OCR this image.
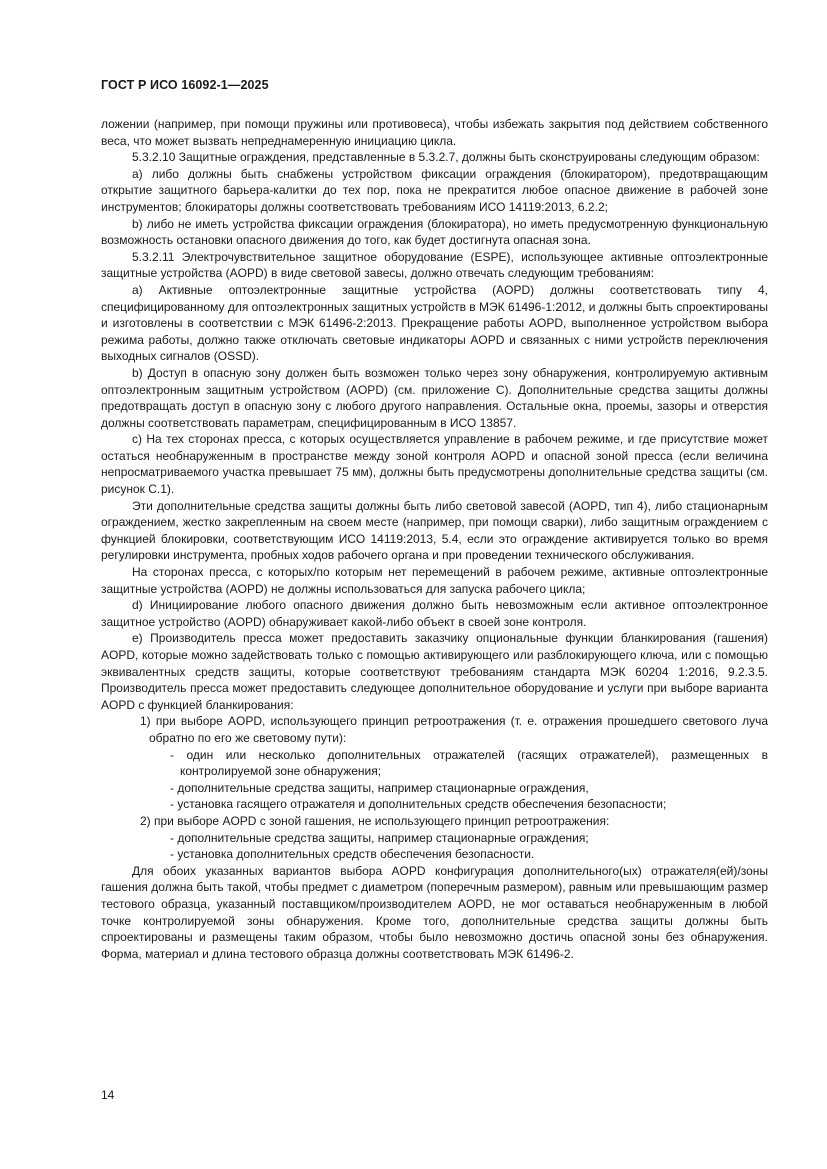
ГОСТ Р ИСО 16092-1—2025

ложении (например, при помощи пружины или противовеса), чтобы избежать закрытия под действием собственного веса, что может вызвать непреднамеренную инициацию цикла.

5.3.2.10 Защитные ограждения, представленные в 5.3.2.7, должны быть сконструированы следующим образом:

а) либо должны быть снабжены устройством фиксации ограждения (блокиратором), предотвращающим открытие защитного барьера-калитки до тех пор, пока не прекратится любое опасное движение в рабочей зоне инструментов; блокираторы должны соответствовать требованиям ИСО 14119:2013, 6.2.2;

b) либо не иметь устройства фиксации ограждения (блокиратора), но иметь предусмотренную функциональную возможность остановки опасного движения до того, как будет достигнута опасная зона.

5.3.2.11 Электрочувствительное защитное оборудование (ESPE), использующее активные оптоэлектронные защитные устройства (AOPD) в виде световой завесы, должно отвечать следующим требованиям:

a) Активные оптоэлектронные защитные устройства (AOPD) должны соответствовать типу 4, специфицированному для оптоэлектронных защитных устройств в МЭК 61496-1:2012, и должны быть спроектированы и изготовлены в соответствии с МЭК 61496-2:2013. Прекращение работы AOPD, выполненное устройством выбора режима работы, должно также отключать световые индикаторы AOPD и связанных с ними устройств переключения выходных сигналов (OSSD).

b) Доступ в опасную зону должен быть возможен только через зону обнаружения, контролируемую активным оптоэлектронным защитным устройством (AOPD) (см. приложение С). Дополнительные средства защиты должны предотвращать доступ в опасную зону с любого другого направления. Остальные окна, проемы, зазоры и отверстия должны соответствовать параметрам, специфицированным в ИСО 13857.

c) На тех сторонах пресса, с которых осуществляется управление в рабочем режиме, и где присутствие может остаться необнаруженным в пространстве между зоной контроля AOPD и опасной зоной пресса (если величина непросматриваемого участка превышает 75 мм), должны быть предусмотрены дополнительные средства защиты (см. рисунок С.1).

Эти дополнительные средства защиты должны быть либо световой завесой (AOPD, тип 4), либо стационарным ограждением, жестко закрепленным на своем месте (например, при помощи сварки), либо защитным ограждением с функцией блокировки, соответствующим ИСО 14119:2013, 5.4, если это ограждение активируется только во время регулировки инструмента, пробных ходов рабочего органа и при проведении технического обслуживания.

На сторонах пресса, с которых/по которым нет перемещений в рабочем режиме, активные оптоэлектронные защитные устройства (AOPD) не должны использоваться для запуска рабочего цикла;

d) Инициирование любого опасного движения должно быть невозможным если активное оптоэлектронное защитное устройство (AOPD) обнаруживает какой-либо объект в своей зоне контроля.

e) Производитель пресса может предоставить заказчику опциональные функции бланкирования (гашения) AOPD, которые можно задействовать только с помощью активирующего или разблокирующего ключа, или с помощью эквивалентных средств защиты, которые соответствуют требованиям стандарта МЭК 60204 1:2016, 9.2.3.5. Производитель пресса может предоставить следующее дополнительное оборудование и услуги при выборе варианта AOPD с функцией бланкирования:

1) при выборе AOPD, использующего принцип ретроотражения (т. е. отражения прошедшего светового луча обратно по его же световому пути):

- один или несколько дополнительных отражателей (гасящих отражателей), размещенных в контролируемой зоне обнаружения;

- дополнительные средства защиты, например стационарные ограждения,

- установка гасящего отражателя и дополнительных средств обеспечения безопасности;

2) при выборе AOPD с зоной гашения, не использующего принцип ретроотражения:

- дополнительные средства защиты, например стационарные ограждения;

- установка дополнительных средств обеспечения безопасности.

Для обоих указанных вариантов выбора AOPD конфигурация дополнительного(ых) отражателя(ей)/зоны гашения должна быть такой, чтобы предмет с диаметром (поперечным размером), равным или превышающим размер тестового образца, указанный поставщиком/производителем AOPD, не мог оставаться необнаруженным в любой точке контролируемой зоны обнаружения. Кроме того, дополнительные средства защиты должны быть спроектированы и размещены таким образом, чтобы было невозможно достичь опасной зоны без обнаружения. Форма, материал и длина тестового образца должны соответствовать МЭК 61496-2.

14
